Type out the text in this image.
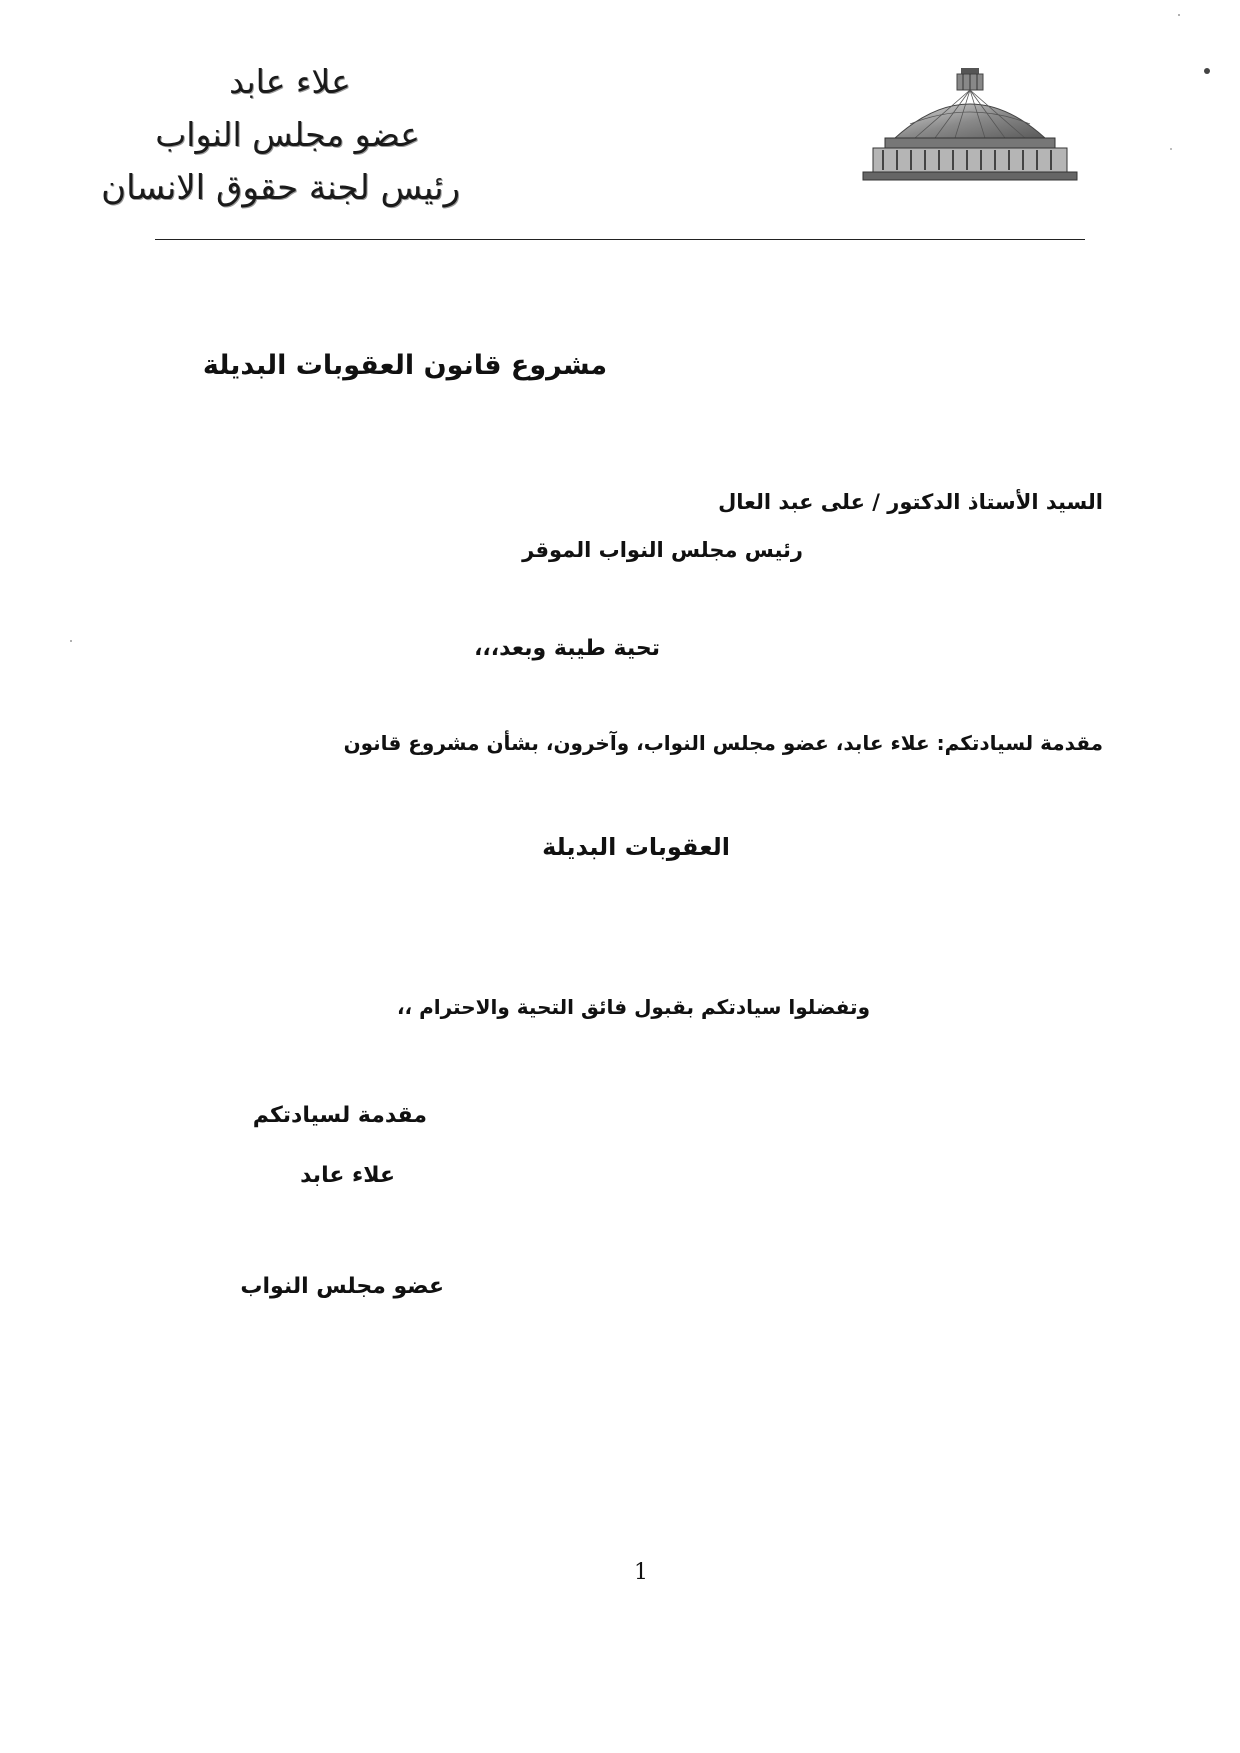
علاء عابد
عضو مجلس النواب
رئيس لجنة حقوق الانسان
مشروع قانون العقوبات البديلة
السيد الأستاذ الدكتور / على عبد العال
رئيس مجلس النواب الموقر
تحية طيبة وبعد،،،
مقدمة لسيادتكم: علاء عابد، عضو مجلس النواب، وآخرون، بشأن مشروع قانون
العقوبات البديلة
وتفضلوا سيادتكم بقبول فائق التحية والاحترام ،،
مقدمة لسيادتكم
علاء عابد
عضو مجلس النواب
1
